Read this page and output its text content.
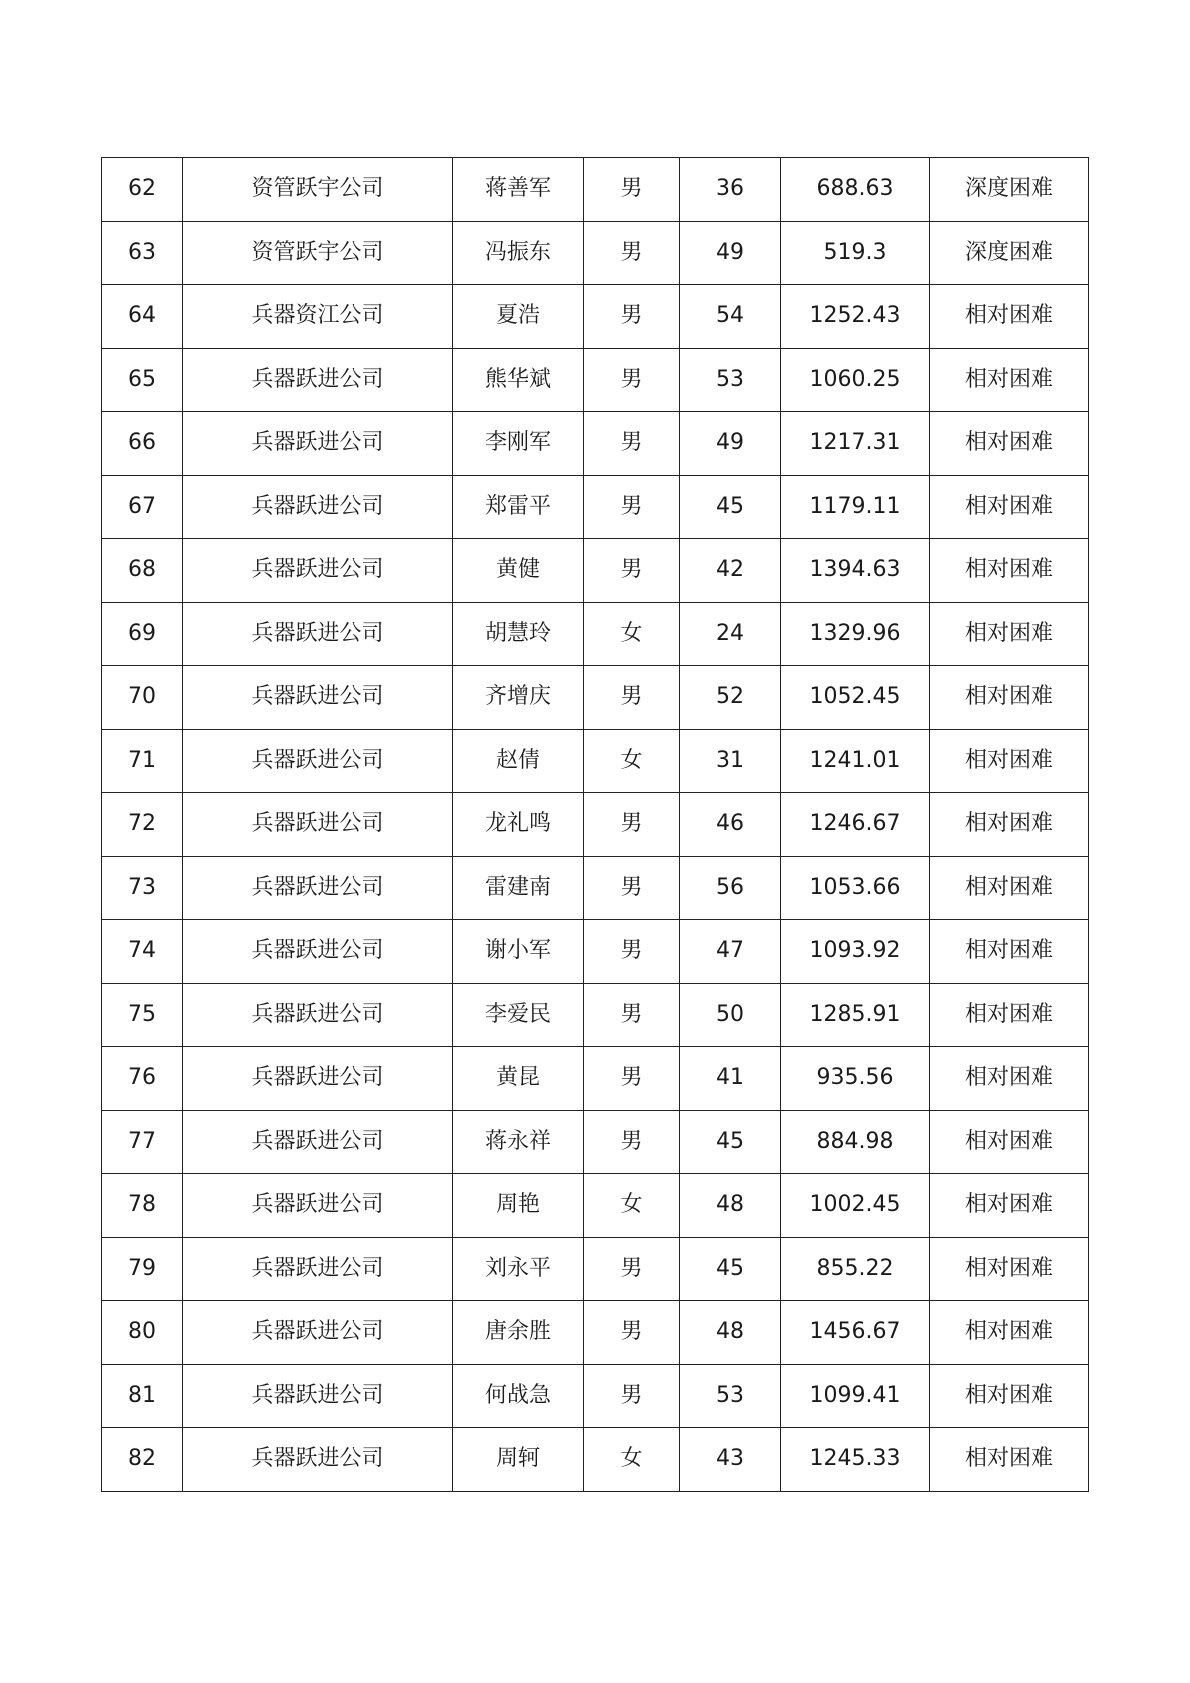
62	资管跃宇公司	蒋善军	男	36	688.63	深度困难
63	资管跃宇公司	冯振东	男	49	519.3	深度困难
64	兵器资江公司	夏浩	男	54	1252.43	相对困难
65	兵器跃进公司	熊华斌	男	53	1060.25	相对困难
66	兵器跃进公司	李刚军	男	49	1217.31	相对困难
67	兵器跃进公司	郑雷平	男	45	1179.11	相对困难
68	兵器跃进公司	黄健	男	42	1394.63	相对困难
69	兵器跃进公司	胡慧玲	女	24	1329.96	相对困难
70	兵器跃进公司	齐增庆	男	52	1052.45	相对困难
71	兵器跃进公司	赵倩	女	31	1241.01	相对困难
72	兵器跃进公司	龙礼鸣	男	46	1246.67	相对困难
73	兵器跃进公司	雷建南	男	56	1053.66	相对困难
74	兵器跃进公司	谢小军	男	47	1093.92	相对困难
75	兵器跃进公司	李爱民	男	50	1285.91	相对困难
76	兵器跃进公司	黄昆	男	41	935.56	相对困难
77	兵器跃进公司	蒋永祥	男	45	884.98	相对困难
78	兵器跃进公司	周艳	女	48	1002.45	相对困难
79	兵器跃进公司	刘永平	男	45	855.22	相对困难
80	兵器跃进公司	唐余胜	男	48	1456.67	相对困难
81	兵器跃进公司	何战急	男	53	1099.41	相对困难
82	兵器跃进公司	周轲	女	43	1245.33	相对困难
